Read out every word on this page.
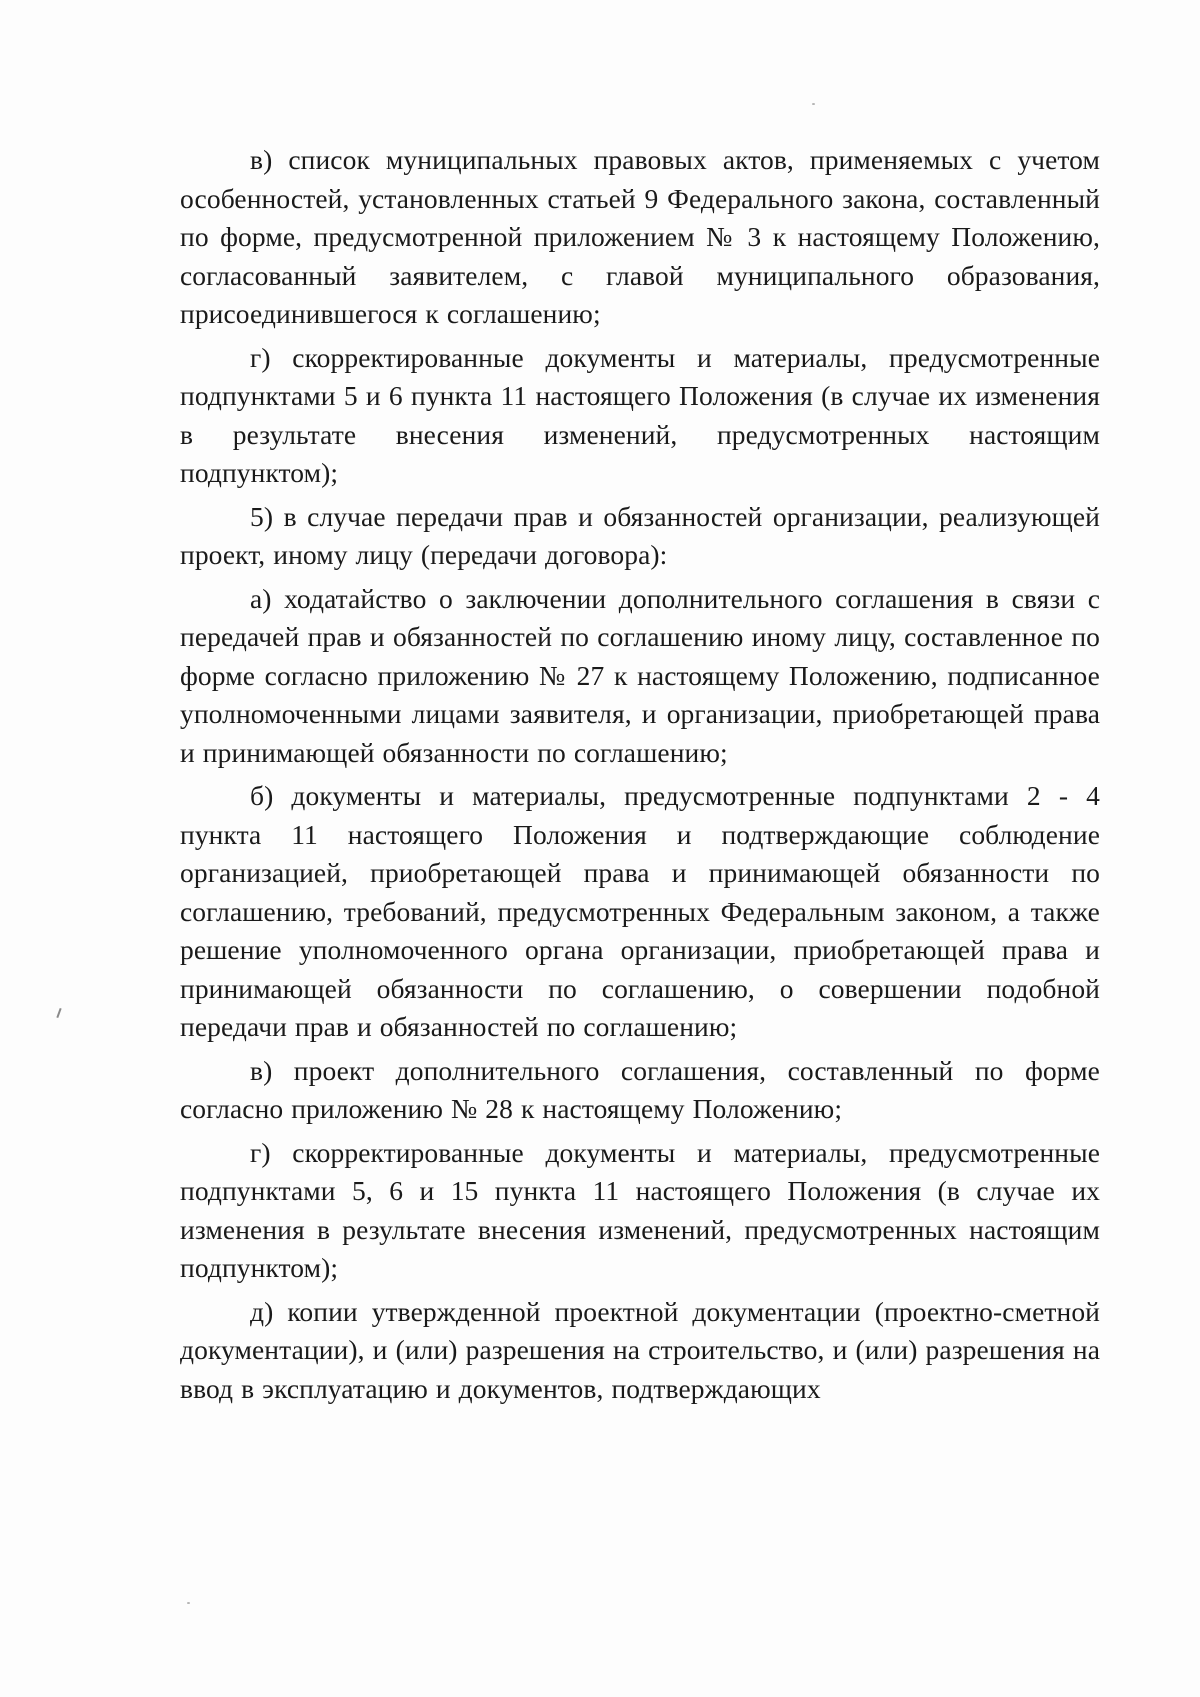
в) список муниципальных правовых актов, применяемых с учетом особенностей, установленных статьей 9 Федерального закона, составленный по форме, предусмотренной приложением № 3 к настоящему Положению, согласованный заявителем, с главой муниципального образования, присоединившегося к соглашению;

г) скорректированные документы и материалы, предусмотренные подпунктами 5 и 6 пункта 11 настоящего Положения (в случае их изменения в результате внесения изменений, предусмотренных настоящим подпунктом);

5) в случае передачи прав и обязанностей организации, реализующей проект, иному лицу (передачи договора):

а) ходатайство о заключении дополнительного соглашения в связи с передачей прав и обязанностей по соглашению иному лицу, составленное по форме согласно приложению № 27 к настоящему Положению, подписанное уполномоченными лицами заявителя, и организации, приобретающей права и принимающей обязанности по соглашению;

б) документы и материалы, предусмотренные подпунктами 2 - 4 пункта 11 настоящего Положения и подтверждающие соблюдение организацией, приобретающей права и принимающей обязанности по соглашению, требований, предусмотренных Федеральным законом, а также решение уполномоченного органа организации, приобретающей права и принимающей обязанности по соглашению, о совершении подобной передачи прав и обязанностей по соглашению;

в) проект дополнительного соглашения, составленный по форме согласно приложению № 28 к настоящему Положению;

г) скорректированные документы и материалы, предусмотренные подпунктами 5, 6 и 15 пункта 11 настоящего Положения (в случае их изменения в результате внесения изменений, предусмотренных настоящим подпунктом);

д) копии утвержденной проектной документации (проектно-сметной документации), и (или) разрешения на строительство, и (или) разрешения на ввод в эксплуатацию и документов, подтверждающих
